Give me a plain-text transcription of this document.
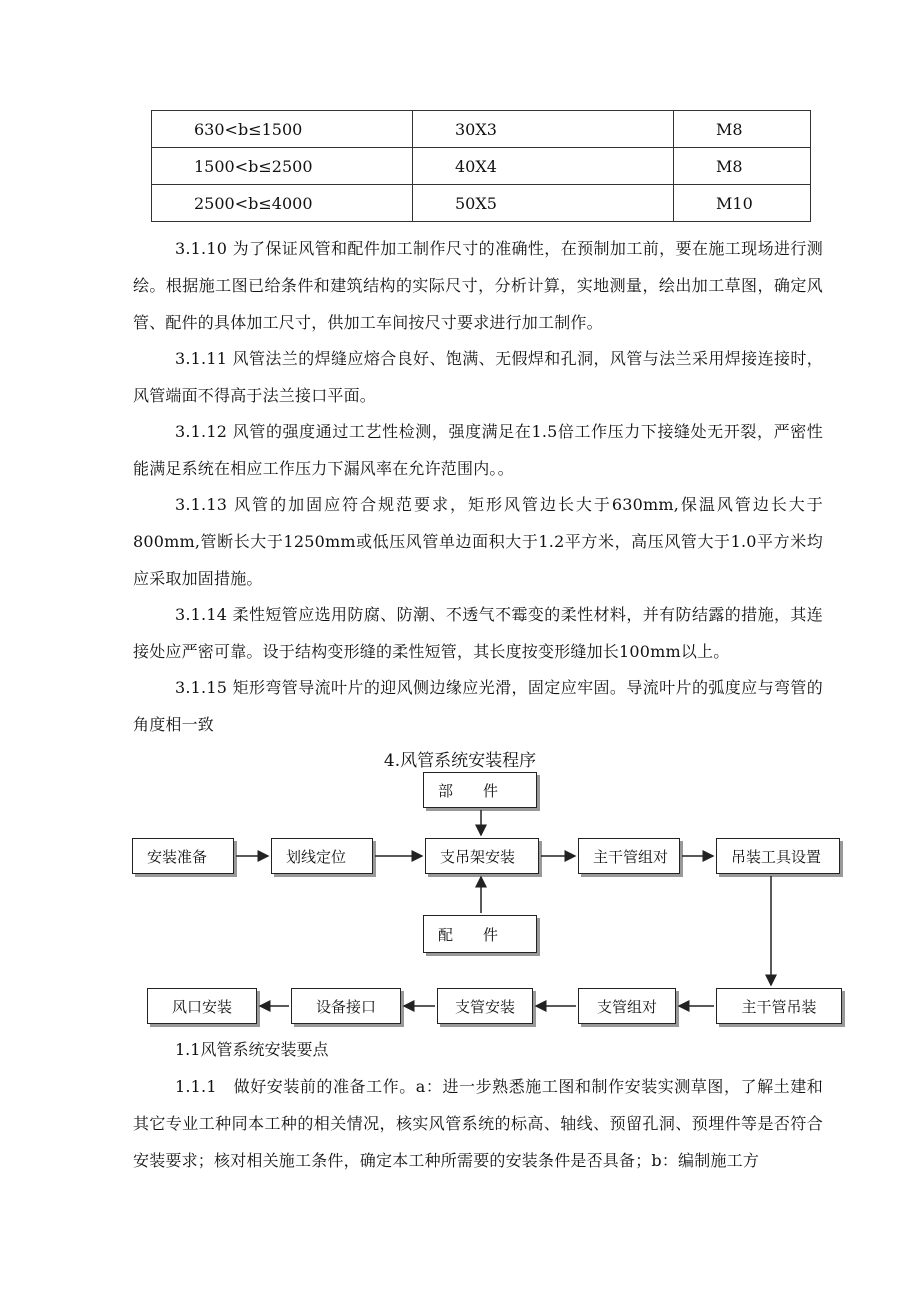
630<b≤1500	30X3	M8
1500<b≤2500	40X4	M8
2500<b≤4000	50X5	M10

3.1.10 为了保证风管和配件加工制作尺寸的准确性，在预制加工前，要在施工现场进行测绘。根据施工图已给条件和建筑结构的实际尺寸，分析计算，实地测量，绘出加工草图，确定风管、配件的具体加工尺寸，供加工车间按尺寸要求进行加工制作。

3.1.11 风管法兰的焊缝应熔合良好、饱满、无假焊和孔洞，风管与法兰采用焊接连接时，风管端面不得高于法兰接口平面。

3.1.12 风管的强度通过工艺性检测，强度满足在1.5倍工作压力下接缝处无开裂，严密性能满足系统在相应工作压力下漏风率在允许范围内。。

3.1.13 风管的加固应符合规范要求，矩形风管边长大于630mm,保温风管边长大于800mm,管断长大于1250mm或低压风管单边面积大于1.2平方米，高压风管大于1.0平方米均应采取加固措施。

3.1.14 柔性短管应选用防腐、防潮、不透气不霉变的柔性材料，并有防结露的措施，其连接处应严密可靠。设于结构变形缝的柔性短管，其长度按变形缝加长100mm以上。

3.1.15 矩形弯管导流叶片的迎风侧边缘应光滑，固定应牢固。导流叶片的弧度应与弯管的角度相一致

4.风管系统安装程序
部　　件
配　　件
安装准备	划线定位	支吊架安装	主干管组对	吊装工具设置
主干管吊装
支管组对
支管安装
设备接口
风口安装
1.1风管系统安装要点

1.1.1　做好安装前的准备工作。a：进一步熟悉施工图和制作安装实测草图，了解土建和其它专业工种同本工种的相关情况，核实风管系统的标高、轴线、预留孔洞、预埋件等是否符合安装要求；核对相关施工条件，确定本工种所需要的安装条件是否具备；b：编制施工方
